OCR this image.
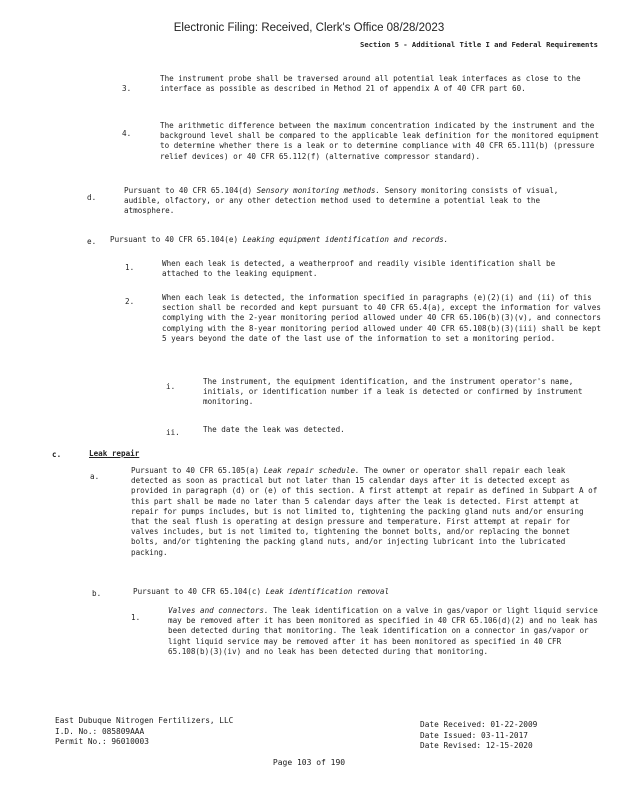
Electronic Filing: Received, Clerk's Office 08/28/2023
Section 5 - Additional Title I and Federal Requirements
3.
The instrument probe shall be traversed around all potential leak interfaces as close to the interface as possible as described in Method 21 of appendix A of 40 CFR part 60.
4.
The arithmetic difference between the maximum concentration indicated by the instrument and the background level shall be compared to the applicable leak definition for the monitored equipment to determine whether there is a leak or to determine compliance with 40 CFR 65.111(b) (pressure relief devices) or 40 CFR 65.112(f) (alternative compressor standard).
d.
Pursuant to 40 CFR 65.104(d) Sensory monitoring methods. Sensory monitoring consists of visual, audible, olfactory, or any other detection method used to determine a potential leak to the atmosphere.
e. Pursuant to 40 CFR 65.104(e) Leaking equipment identification and records.
1.	When each leak is detected, a weatherproof and readily visible identification shall be attached to the leaking equipment.
2.	When each leak is detected, the information specified in paragraphs (e)(2)(i) and (ii) of this section shall be recorded and kept pursuant to 40 CFR 65.4(a), except the information for valves complying with the 2-year monitoring period allowed under 40 CFR 65.106(b)(3)(v), and connectors complying with the 8-year monitoring period allowed under 40 CFR 65.108(b)(3)(iii) shall be kept 5 years beyond the date of the last use of the information to set a monitoring period.
i.
The instrument, the equipment identification, and the instrument operator's name, initials, or identification number if a leak is detected or confirmed by instrument monitoring.
ii.	The date the leak was detected.
c.	Leak repair
a.
Pursuant to 40 CFR 65.105(a) Leak repair schedule. The owner or operator shall repair each leak detected as soon as practical but not later than 15 calendar days after it is detected except as provided in paragraph (d) or (e) of this section. A first attempt at repair as defined in Subpart A of this part shall be made no later than 5 calendar days after the leak is detected. First attempt at repair for pumps includes, but is not limited to, tightening the packing gland nuts and/or ensuring that the seal flush is operating at design pressure and temperature. First attempt at repair for valves includes, but is not limited to, tightening the bonnet bolts, and/or replacing the bonnet bolts, and/or tightening the packing gland nuts, and/or injecting lubricant into the lubricated packing.
b.	Pursuant to 40 CFR 65.104(c) Leak identification removal
1.
Valves and connectors. The leak identification on a valve in gas/vapor or light liquid service may be removed after it has been monitored as specified in 40 CFR 65.106(d)(2) and no leak has been detected during that monitoring. The leak identification on a connector in gas/vapor or light liquid service may be removed after it has been monitored as specified in 40 CFR 65.108(b)(3)(iv) and no leak has been detected during that monitoring.
East Dubuque Nitrogen Fertilizers, LLC
I.D. No.: 085809AAA
Permit No.: 96010003
Date Received: 01-22-2009
Date Issued: 03-11-2017
Date Revised: 12-15-2020
Page 103 of 190
